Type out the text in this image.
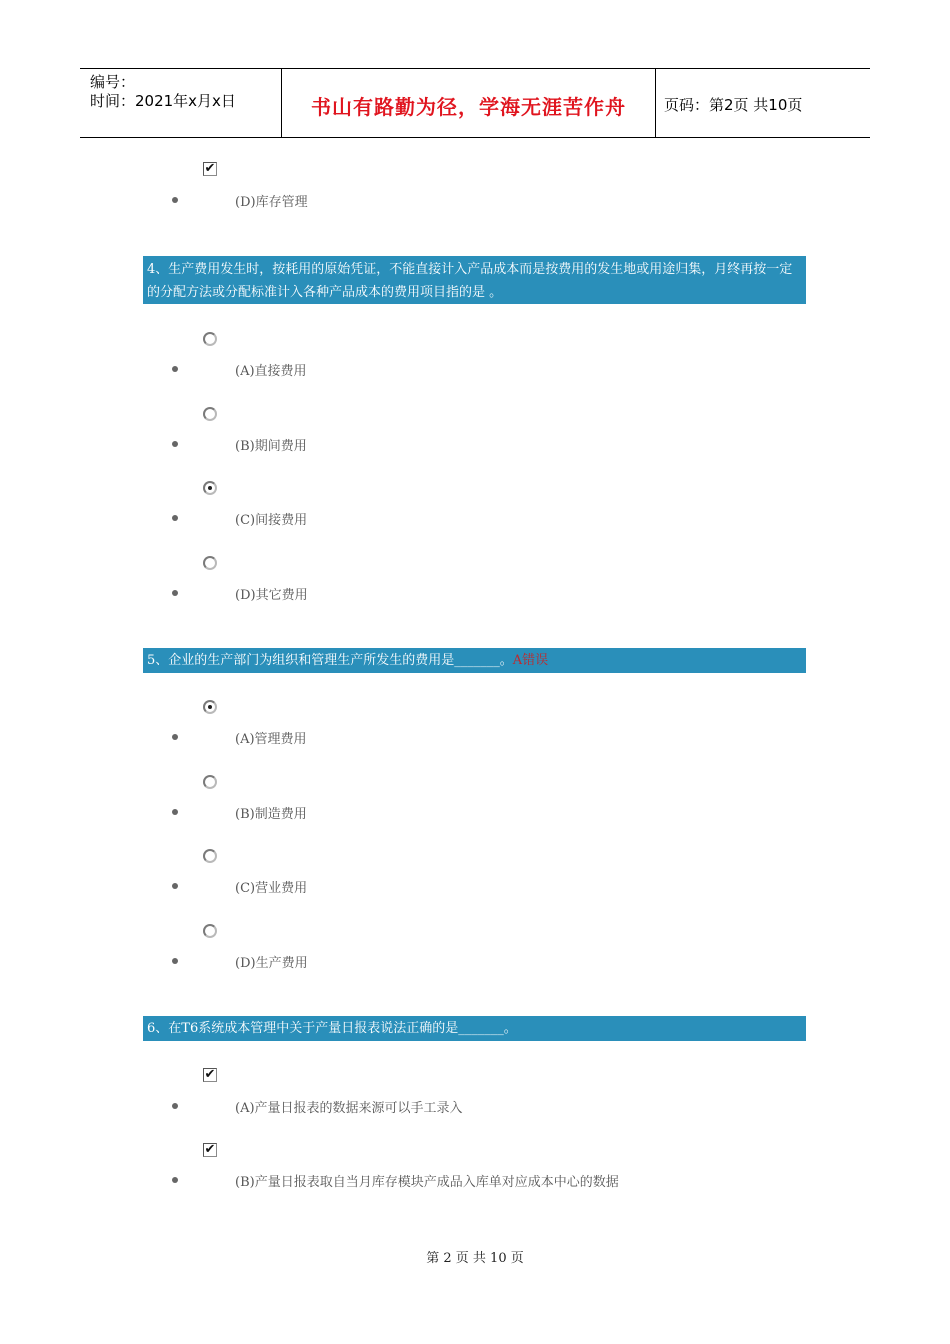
编号：
时间：2021年x月x日	书山有路勤为径，学海无涯苦作舟	页码：第2页 共10页
✔
(D)库存管理
4、生产费用发生时，按耗用的原始凭证，不能直接计入产品成本而是按费用的发生地或用途归集，月终再按一定的分配方法或分配标准计入各种产品成本的费用项目指的是 。
(A)直接费用
(B)期间费用
(C)间接费用
(D)其它费用
5、企业的生产部门为组织和管理生产所发生的费用是_______。A错误
(A)管理费用
(B)制造费用
(C)营业费用
(D)生产费用
6、在T6系统成本管理中关于产量日报表说法正确的是_______。
✔
(A)产量日报表的数据来源可以手工录入
✔
(B)产量日报表取自当月库存模块产成品入库单对应成本中心的数据
第 2 页 共 10 页
